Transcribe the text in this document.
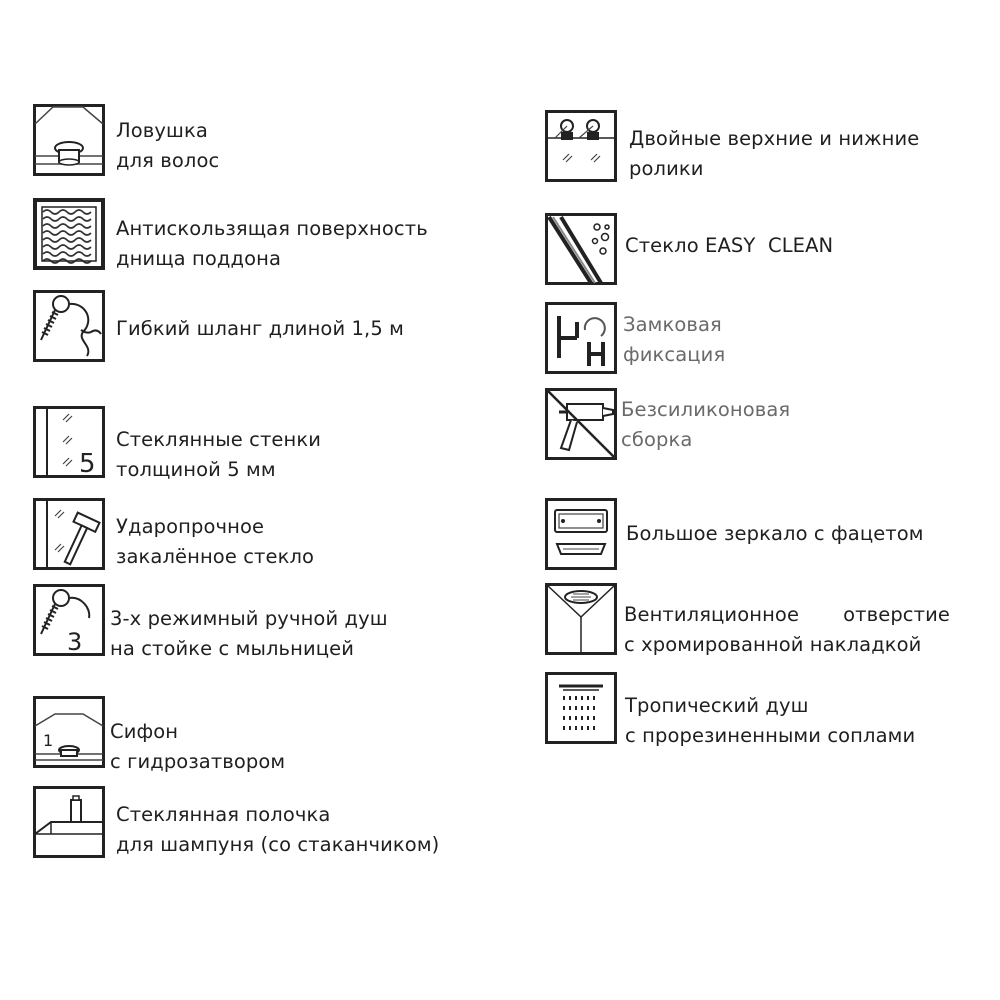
Ловушка
для волос
Антискользящая поверхность
днища поддона
Гибкий шланг длиной 1,5 м
5
Стеклянные стенки
толщиной 5 мм
Ударопрочное
закалённое стекло
3
3-х режимный ручной душ
на стойке с мыльницей
1	Сифон
с гидрозатвором
Стеклянная полочка
для шампуня (со стаканчиком)
Двойные верхние и нижние
ролики
Стекло EASY  CLEAN
Замковая
фиксация
Безсиликоновая
сборка
Большое зеркало с фацетом
Вентиляционное       отверстие
с хромированной накладкой
Тропический душ
с прорезиненными соплами
